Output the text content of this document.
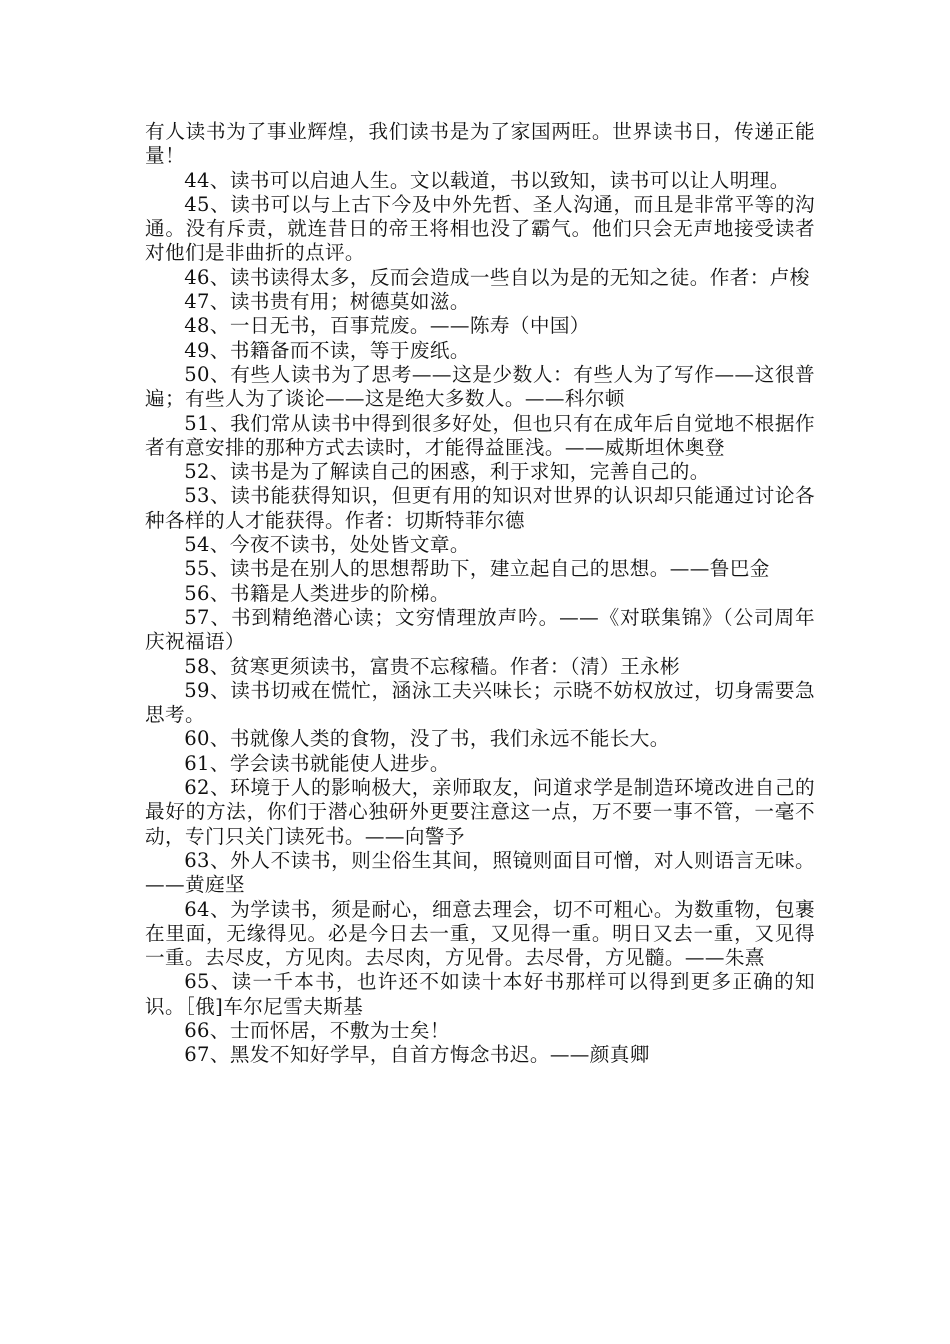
有人读书为了事业辉煌，我们读书是为了家国两旺。世界读书日，传递正能量！

44、读书可以启迪人生。文以载道，书以致知，读书可以让人明理。

45、读书可以与上古下今及中外先哲、圣人沟通，而且是非常平等的沟通。没有斥责，就连昔日的帝王将相也没了霸气。他们只会无声地接受读者对他们是非曲折的点评。

46、读书读得太多，反而会造成一些自以为是的无知之徒。作者：卢梭

47、读书贵有用；树德莫如滋。

48、一日无书，百事荒废。——陈寿（中国）

49、书籍备而不读，等于废纸。

50、有些人读书为了思考——这是少数人：有些人为了写作——这很普遍；有些人为了谈论——这是绝大多数人。——科尔顿

51、我们常从读书中得到很多好处，但也只有在成年后自觉地不根据作者有意安排的那种方式去读时，才能得益匪浅。——威斯坦休奥登

52、读书是为了解读自己的困惑，利于求知，完善自己的。

53、读书能获得知识，但更有用的知识对世界的认识却只能通过讨论各种各样的人才能获得。作者：切斯特菲尔德

54、今夜不读书，处处皆文章。

55、读书是在别人的思想帮助下，建立起自己的思想。——鲁巴金

56、书籍是人类进步的阶梯。

57、书到精绝潜心读；文穷情理放声吟。——《对联集锦》（公司周年庆祝福语）

58、贫寒更须读书，富贵不忘稼穑。作者：（清）王永彬

59、读书切戒在慌忙，涵泳工夫兴味长；示晓不妨权放过，切身需要急思考。

60、书就像人类的食物，没了书，我们永远不能长大。

61、学会读书就能使人进步。

62、环境于人的影响极大，亲师取友，问道求学是制造环境改进自己的最好的方法，你们于潜心独研外更要注意这一点，万不要一事不管，一毫不动，专门只关门读死书。——向警予

63、外人不读书，则尘俗生其间，照镜则面目可憎，对人则语言无味。——黄庭坚

64、为学读书，须是耐心，细意去理会，切不可粗心。为数重物，包裹在里面，无缘得见。必是今日去一重，又见得一重。明日又去一重，又见得一重。去尽皮，方见肉。去尽肉，方见骨。去尽骨，方见髓。——朱熹

65、读一千本书，也许还不如读十本好书那样可以得到更多正确的知识。［俄]车尔尼雪夫斯基

66、士而怀居，不敷为士矣！

67、黑发不知好学早，自首方悔念书迟。——颜真卿
